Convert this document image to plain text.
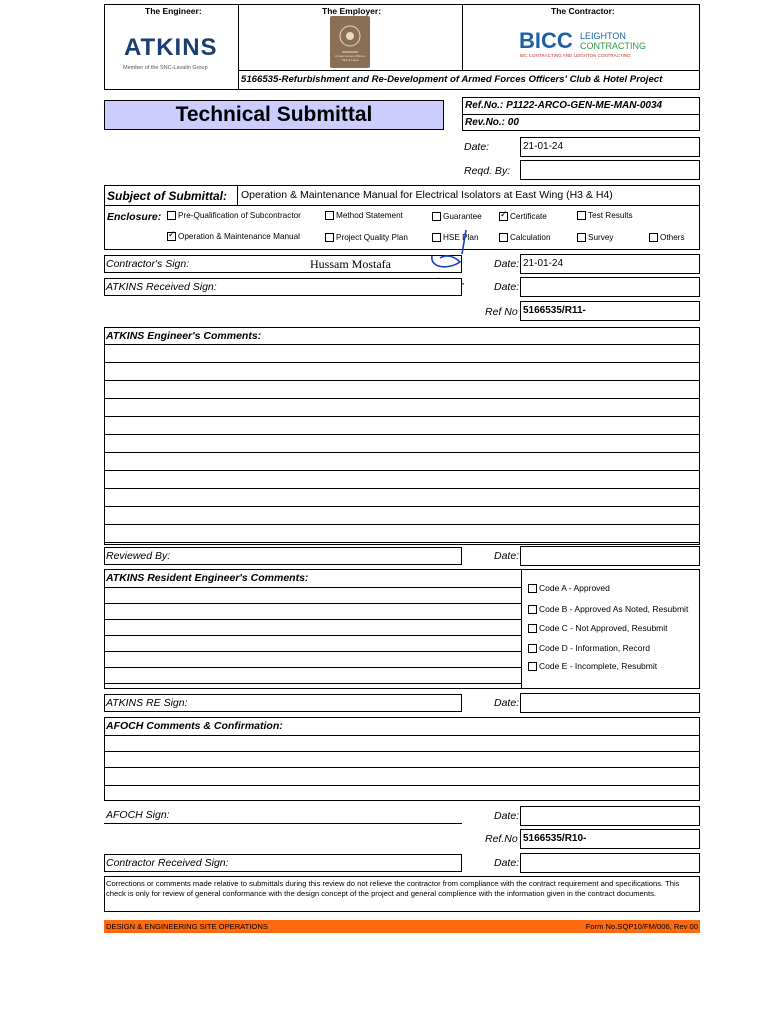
The Engineer:	The Employer:	The Contractor:
ATKINS
Member of the SNC-Lavalin Group
Armed Forces Officers Club & Hotel
BICC LEIGHTON
CONTRACTING
BIC CONTRACTING AND LEIGHTON CONTRACTING
5166535-Refurbishment and Re-Development of Armed Forces Officers' Club & Hotel Project
Technical Submittal	Ref.No.: P1122-ARCO-GEN-ME-MAN-0034
Rev.No.: 00
Date:	21-01-24
Reqd. By:
Subject of Submittal: Operation & Maintenance Manual for Electrical Isolators at East Wing (H3 & H4)
Enclosure: Pre-Qualification of Subcontractor	Method Statement	Guarantee
✓	Certificate	Test Results
✓
Operation & Maintenance Manual	Project Quality Plan	HSE Plan	Calculation	Survey	Others
Contractor's Sign:	Hussam Mostafa	Date: 21-01-24
ATKINS Received Sign:	Date:
Ref No 5166535/R11-
ATKINS Engineer's Comments:
Reviewed By:	Date:
ATKINS Resident Engineer's Comments:
Code A - Approved
Code B - Approved As Noted, Resubmit
Code C - Not Approved, Resubmit
Code D - Information, Record
Code E - Incomplete, Resubmit
ATKINS RE Sign:	Date:
AFOCH Comments & Confirmation:
AFOCH Sign:	Date:
Ref.No 5166535/R10-
Contractor Received Sign:	Date:
Corrections or comments made relative to submittals during this review do not relieve the contractor from compliance with the contract requirement and specifications. This check is only for review of general conformance with the design concept of the project and general complience with the information given in the contract documents.
DESIGN & ENGINEERING SITE OPERATIONS	Form No.SQP10/FM/006, Rev 00
